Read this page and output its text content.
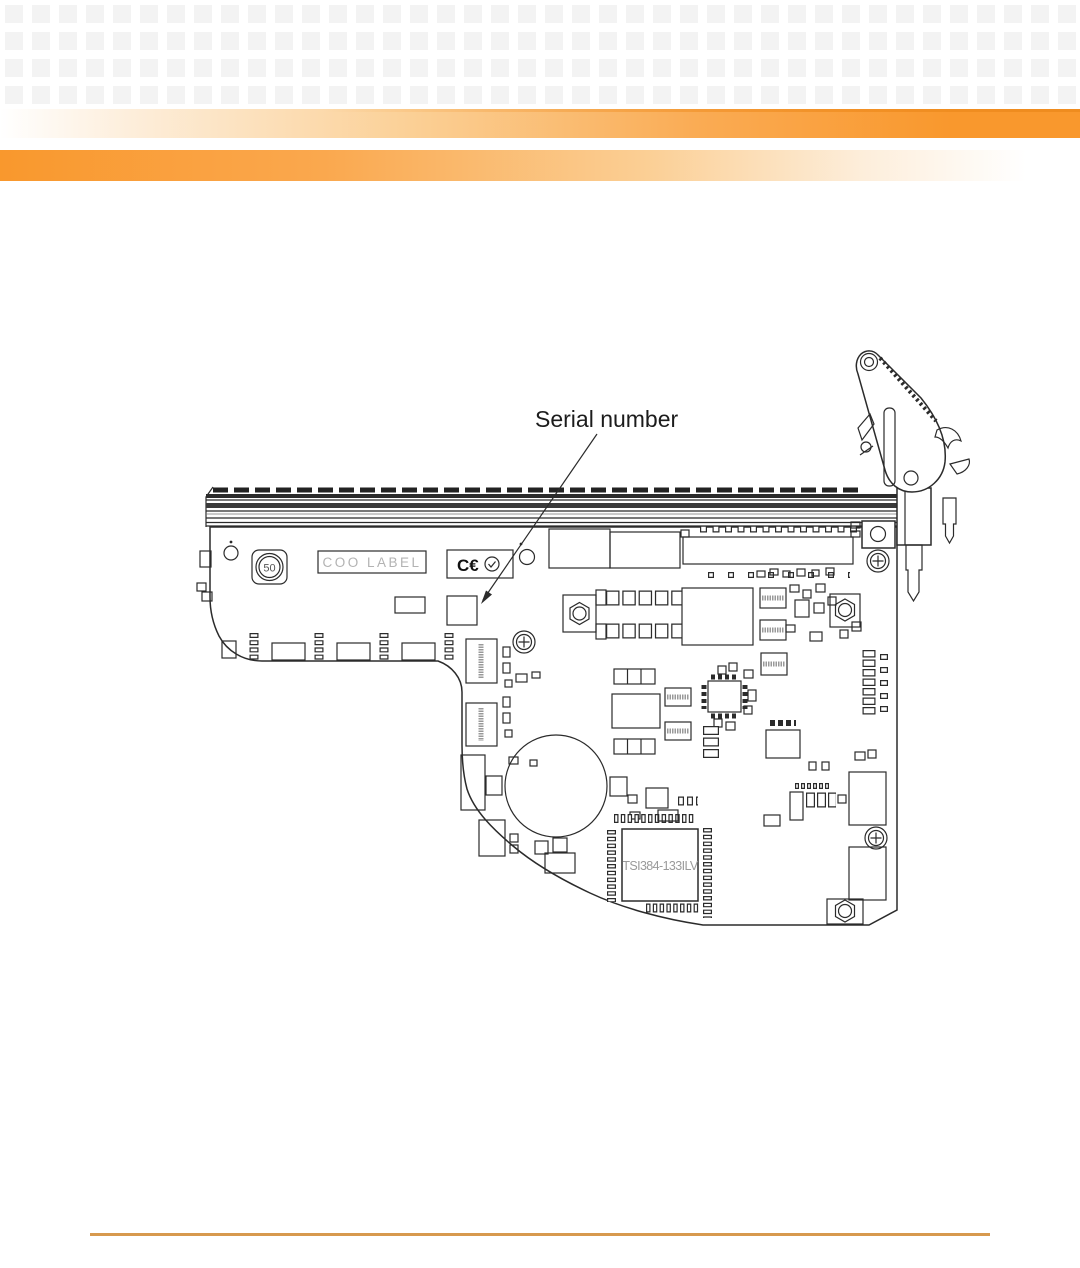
50	COO LABEL C€
TSI384-133ILV
Serial number
